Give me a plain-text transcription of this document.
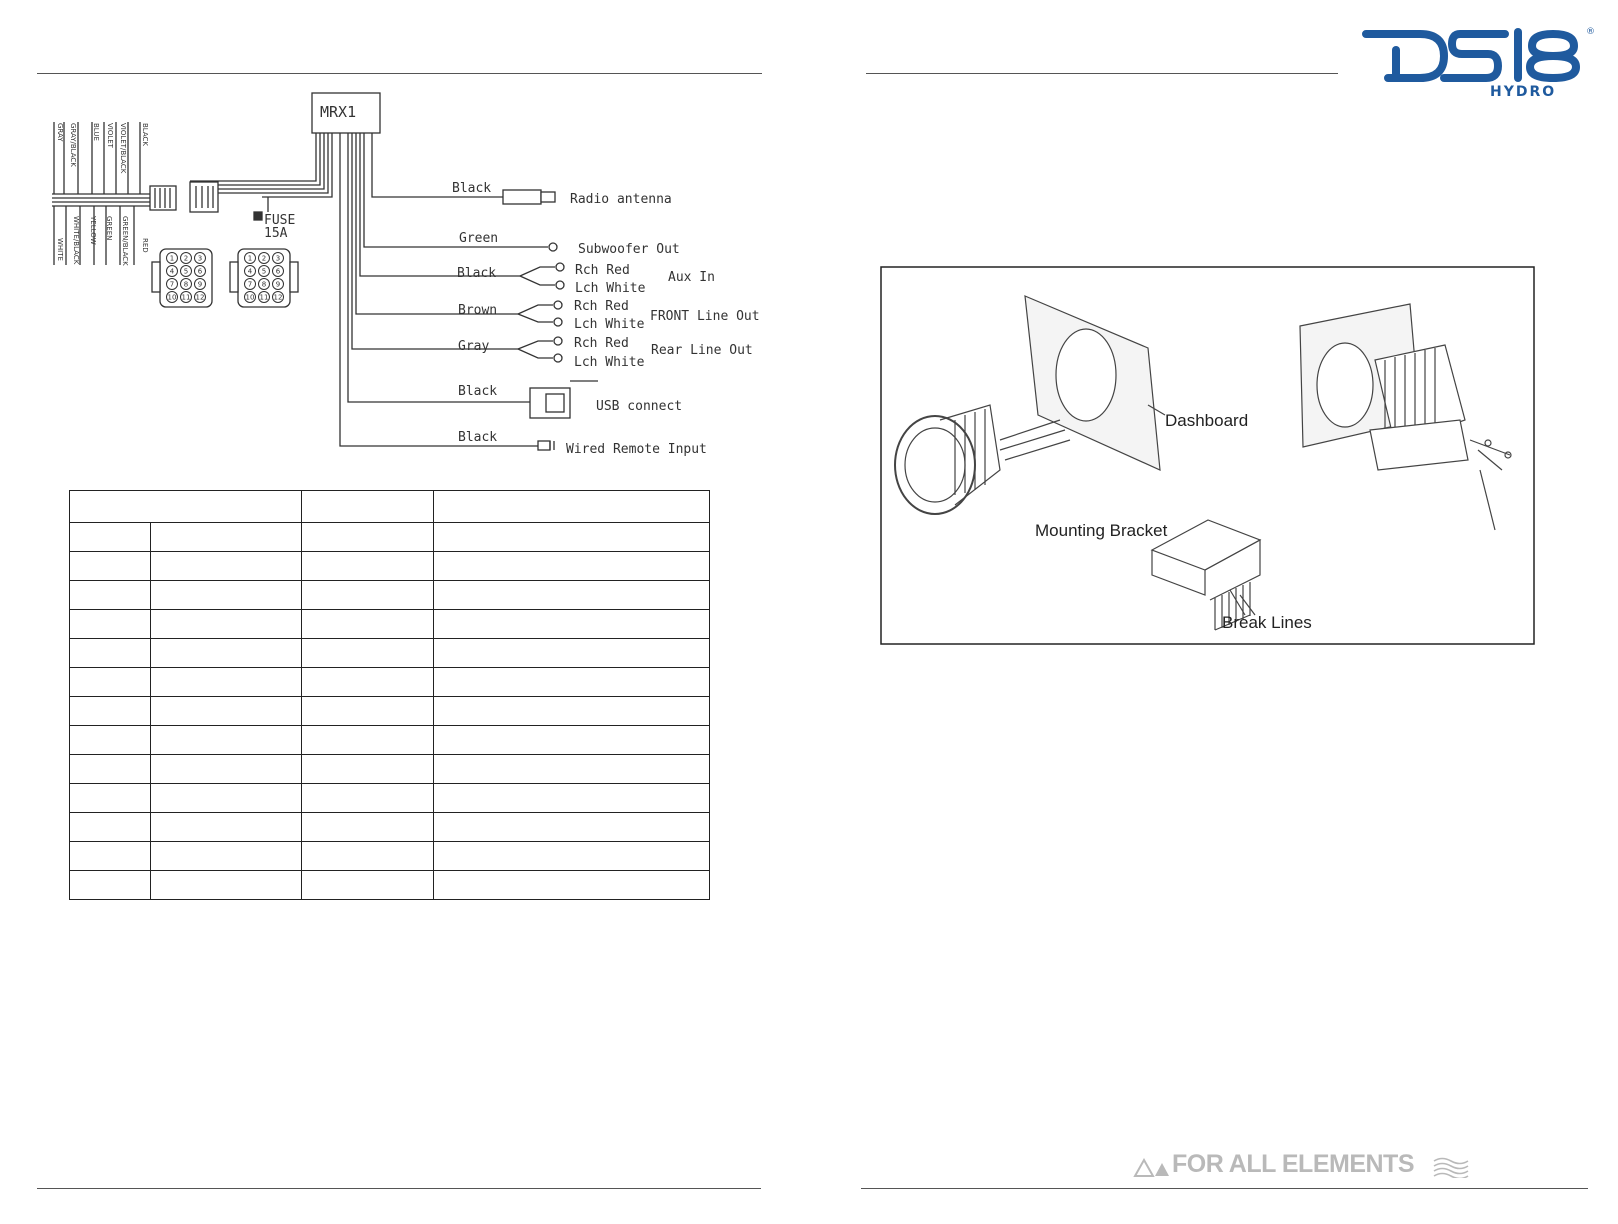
MRX1
FUSE
15A
GRAY GRAY/BLACK BLUE VIOLET VIOLET/BLACK BLACK
WHITE WHITE/BLACK YELLOW GREEN GREEN/BLACK RED
1 2 3
4 5 6
7 8 9
10 11 12
1 2 3
4 5 6
7 8 9
10 11 12
Black
Radio antenna
Green
Subwoofer Out
Black	Rch Red
Lch White
Aux In
Brown	Rch Red
Lch White
FRONT Line Out
Gray	Rch Red
Lch White
Rear Line Out
Black
USB connect
Black
Wired Remote Input
Dashboard
Mounting Bracket
Break Lines

®
HYDRO
FOR ALL ELEMENTS
